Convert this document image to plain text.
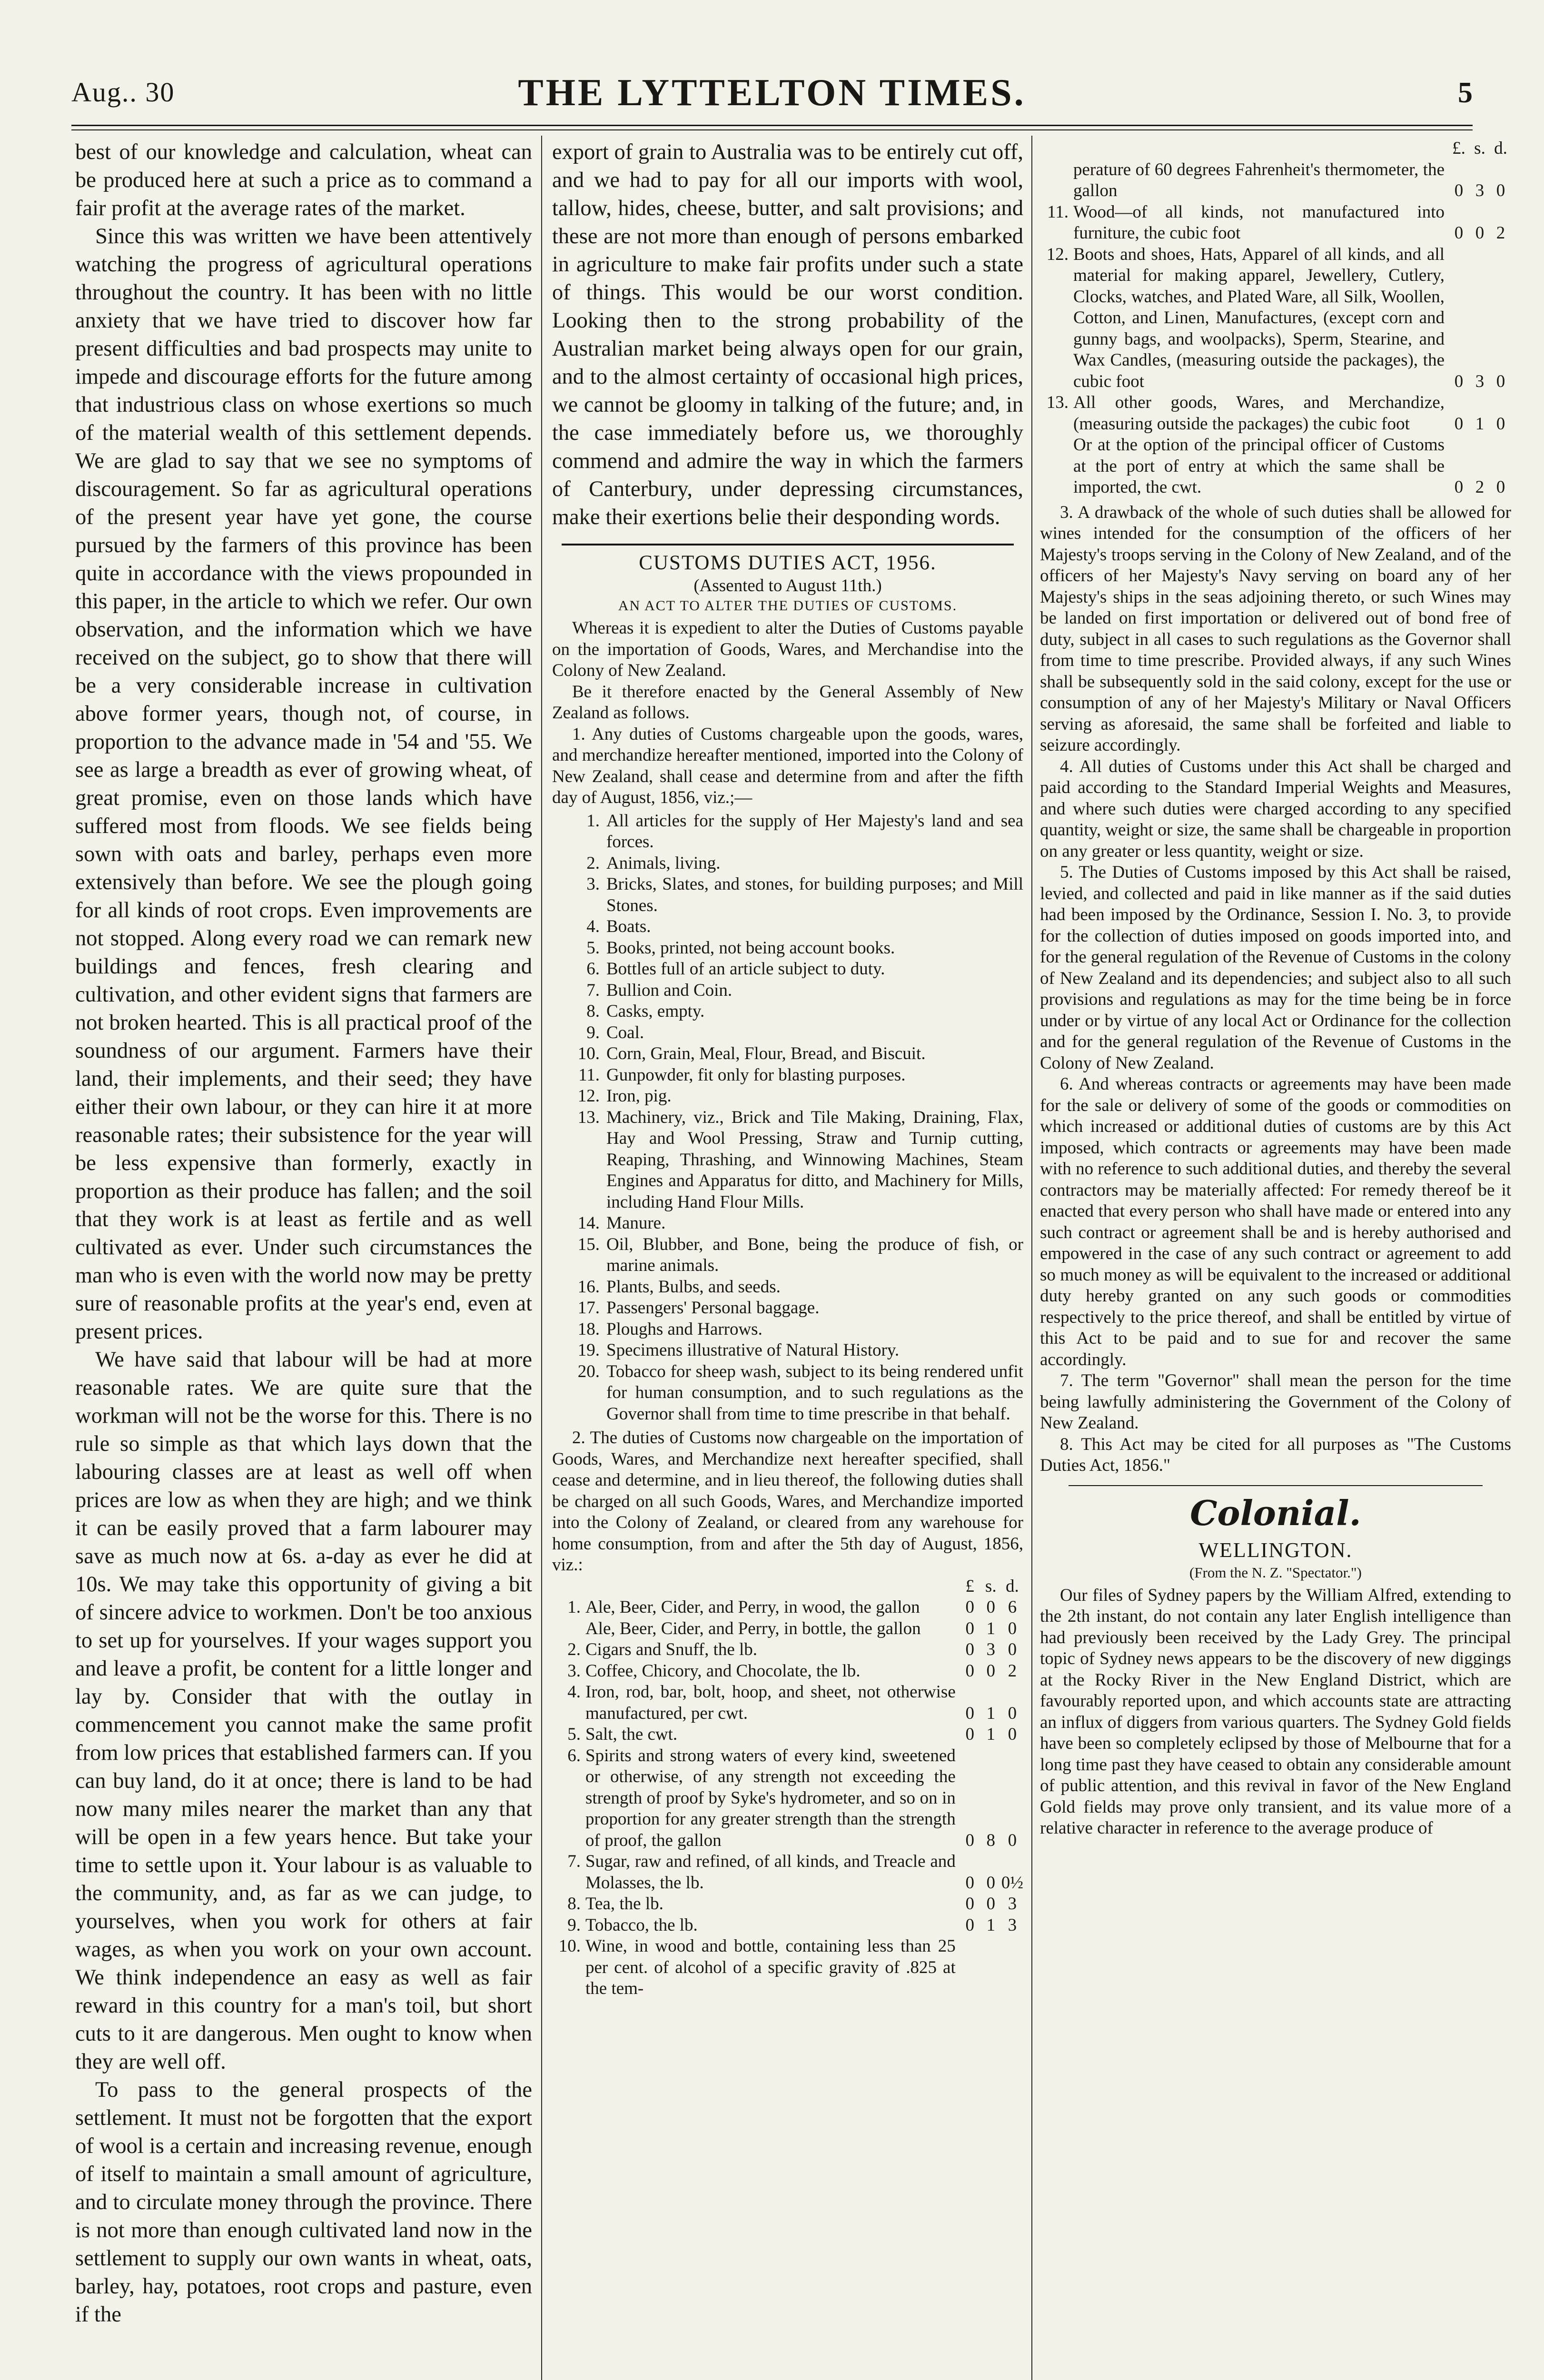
Aug.. 30	THE LYTTELTON TIMES.	5

best of our knowledge and calculation, wheat can be produced here at such a price as to command a fair profit at the average rates of the market.

Since this was written we have been attentively watching the progress of agricultural operations throughout the country. It has been with no little anxiety that we have tried to discover how far present difficulties and bad prospects may unite to impede and discourage efforts for the future among that industrious class on whose exertions so much of the material wealth of this settlement depends. We are glad to say that we see no symptoms of discouragement. So far as agricultural operations of the present year have yet gone, the course pursued by the farmers of this province has been quite in accordance with the views propounded in this paper, in the article to which we refer. Our own observation, and the information which we have received on the subject, go to show that there will be a very considerable increase in cultivation above former years, though not, of course, in proportion to the advance made in '54 and '55. We see as large a breadth as ever of growing wheat, of great promise, even on those lands which have suffered most from floods. We see fields being sown with oats and barley, perhaps even more extensively than before. We see the plough going for all kinds of root crops. Even improvements are not stopped. Along every road we can remark new buildings and fences, fresh clearing and cultivation, and other evident signs that farmers are not broken hearted. This is all practical proof of the soundness of our argument. Farmers have their land, their implements, and their seed; they have either their own labour, or they can hire it at more reasonable rates; their subsistence for the year will be less expensive than formerly, exactly in proportion as their produce has fallen; and the soil that they work is at least as fertile and as well cultivated as ever. Under such circumstances the man who is even with the world now may be pretty sure of reasonable profits at the year's end, even at present prices.

We have said that labour will be had at more reasonable rates. We are quite sure that the workman will not be the worse for this. There is no rule so simple as that which lays down that the labouring classes are at least as well off when prices are low as when they are high; and we think it can be easily proved that a farm labourer may save as much now at 6s. a-day as ever he did at 10s. We may take this opportunity of giving a bit of sincere advice to workmen. Don't be too anxious to set up for yourselves. If your wages support you and leave a profit, be content for a little longer and lay by. Consider that with the outlay in commencement you cannot make the same profit from low prices that established farmers can. If you can buy land, do it at once; there is land to be had now many miles nearer the market than any that will be open in a few years hence. But take your time to settle upon it. Your labour is as valuable to the community, and, as far as we can judge, to yourselves, when you work for others at fair wages, as when you work on your own account. We think independence an easy as well as fair reward in this country for a man's toil, but short cuts to it are dangerous. Men ought to know when they are well off.

To pass to the general prospects of the settlement. It must not be forgotten that the export of wool is a certain and increasing revenue, enough of itself to maintain a small amount of agriculture, and to circulate money through the province. There is not more than enough cultivated land now in the settlement to supply our own wants in wheat, oats, barley, hay, potatoes, root crops and pasture, even if the

export of grain to Australia was to be entirely cut off, and we had to pay for all our imports with wool, tallow, hides, cheese, butter, and salt provisions; and these are not more than enough of persons embarked in agriculture to make fair profits under such a state of things. This would be our worst condition. Looking then to the strong probability of the Australian market being always open for our grain, and to the almost certainty of occasional high prices, we cannot be gloomy in talking of the future; and, in the case immediately before us, we thoroughly commend and admire the way in which the farmers of Canterbury, under depressing circumstances, make their exertions belie their desponding words.

CUSTOMS DUTIES ACT, 1956.
(Assented to August 11th.)
AN ACT TO ALTER THE DUTIES OF CUSTOMS.

Whereas it is expedient to alter the Duties of Customs payable on the importation of Goods, Wares, and Merchandise into the Colony of New Zealand.

Be it therefore enacted by the General Assembly of New Zealand as follows.

1. Any duties of Customs chargeable upon the goods, wares, and merchandize hereafter mentioned, imported into the Colony of New Zealand, shall cease and determine from and after the fifth day of August, 1856, viz.;—

1. All articles for the supply of Her Majesty's land and sea forces.
2. Animals, living.
3. Bricks, Slates, and stones, for building purposes; and Mill Stones.
4. Boats.
5. Books, printed, not being account books.
6. Bottles full of an article subject to duty.
7. Bullion and Coin.
8. Casks, empty.
9. Coal.
10. Corn, Grain, Meal, Flour, Bread, and Biscuit.
11. Gunpowder, fit only for blasting purposes.
12. Iron, pig.
13. Machinery, viz., Brick and Tile Making, Draining, Flax, Hay and Wool Pressing, Straw and Turnip cutting, Reaping, Thrashing, and Winnowing Machines, Steam Engines and Apparatus for ditto, and Machinery for Mills, including Hand Flour Mills.
14. Manure.
15. Oil, Blubber, and Bone, being the produce of fish, or marine animals.
16. Plants, Bulbs, and seeds.
17. Passengers' Personal baggage.
18. Ploughs and Harrows.
19. Specimens illustrative of Natural History.
20. Tobacco for sheep wash, subject to its being rendered unfit for human consumption, and to such regulations as the Governor shall from time to time prescribe in that behalf.

2. The duties of Customs now chargeable on the importation of Goods, Wares, and Merchandize next hereafter specified, shall cease and determine, and in lieu thereof, the following duties shall be charged on all such Goods, Wares, and Merchandize imported into the Colony of Zealand, or cleared from any warehouse for home consumption, from and after the 5th day of August, 1856, viz.:

		£	s.	d.
1.	Ale, Beer, Cider, and Perry, in wood, the gallon	0	0	6
	Ale, Beer, Cider, and Perry, in bottle, the gallon	0	1	0
2.	Cigars and Snuff, the lb.	0	3	0
3.	Coffee, Chicory, and Chocolate, the lb.	0	0	2
4.	Iron, rod, bar, bolt, hoop, and sheet, not otherwise manufactured, per cwt.	0	1	0
5.	Salt, the cwt.	0	1	0
6.	Spirits and strong waters of every kind, sweetened or otherwise, of any strength not exceeding the strength of proof by Syke's hydrometer, and so on in proportion for any greater strength than the strength of proof, the gallon	0	8	0
7.	Sugar, raw and refined, of all kinds, and Treacle and Molasses, the lb.	0	0	0½
8.	Tea, the lb.	0	0	3
9.	Tobacco, the lb.	0	1	3
10.	Wine, in wood and bottle, containing less than 25 per cent. of alcohol of a specific gravity of .825 at the tem-			
		£.	s.	d.
	perature of 60 degrees Fahrenheit's thermometer, the gallon	0	3	0
11.	Wood—of all kinds, not manufactured into furniture, the cubic foot	0	0	2
12.	Boots and shoes, Hats, Apparel of all kinds, and all material for making apparel, Jewellery, Cutlery, Clocks, watches, and Plated Ware, all Silk, Woollen, Cotton, and Linen, Manufactures, (except corn and gunny bags, and woolpacks), Sperm, Stearine, and Wax Candles, (measuring outside the packages), the cubic foot	0	3	0
13.	All other goods, Wares, and Merchandize, (measuring outside the packages) the cubic foot	0	1	0
	Or at the option of the principal officer of Customs at the port of entry at which the same shall be imported, the cwt.	0	2	0

3. A drawback of the whole of such duties shall be allowed for wines intended for the consumption of the officers of her Majesty's troops serving in the Colony of New Zealand, and of the officers of her Majesty's Navy serving on board any of her Majesty's ships in the seas adjoining thereto, or such Wines may be landed on first importation or delivered out of bond free of duty, subject in all cases to such regulations as the Governor shall from time to time prescribe. Provided always, if any such Wines shall be subsequently sold in the said colony, except for the use or consumption of any of her Majesty's Military or Naval Officers serving as aforesaid, the same shall be forfeited and liable to seizure accordingly.

4. All duties of Customs under this Act shall be charged and paid according to the Standard Imperial Weights and Measures, and where such duties were charged according to any specified quantity, weight or size, the same shall be chargeable in proportion on any greater or less quantity, weight or size.

5. The Duties of Customs imposed by this Act shall be raised, levied, and collected and paid in like manner as if the said duties had been imposed by the Ordinance, Session I. No. 3, to provide for the collection of duties imposed on goods imported into, and for the general regulation of the Revenue of Customs in the colony of New Zealand and its dependencies; and subject also to all such provisions and regulations as may for the time being be in force under or by virtue of any local Act or Ordinance for the collection and for the general regulation of the Revenue of Customs in the Colony of New Zealand.

6. And whereas contracts or agreements may have been made for the sale or delivery of some of the goods or commodities on which increased or additional duties of customs are by this Act imposed, which contracts or agreements may have been made with no reference to such additional duties, and thereby the several contractors may be materially affected: For remedy thereof be it enacted that every person who shall have made or entered into any such contract or agreement shall be and is hereby authorised and empowered in the case of any such contract or agreement to add so much money as will be equivalent to the increased or additional duty hereby granted on any such goods or commodities respectively to the price thereof, and shall be entitled by virtue of this Act to be paid and to sue for and recover the same accordingly.

7. The term "Governor" shall mean the person for the time being lawfully administering the Government of the Colony of New Zealand.

8. This Act may be cited for all purposes as "The Customs Duties Act, 1856."

Colonial.
WELLINGTON.
(From the N. Z. "Spectator.")

Our files of Sydney papers by the William Alfred, extending to the 2th instant, do not contain any later English intelligence than had previously been received by the Lady Grey. The principal topic of Sydney news appears to be the discovery of new diggings at the Rocky River in the New England District, which are favourably reported upon, and which accounts state are attracting an influx of diggers from various quarters. The Sydney Gold fields have been so completely eclipsed by those of Melbourne that for a long time past they have ceased to obtain any considerable amount of public attention, and this revival in favor of the New England Gold fields may prove only transient, and its value more of a relative character in reference to the average produce of
